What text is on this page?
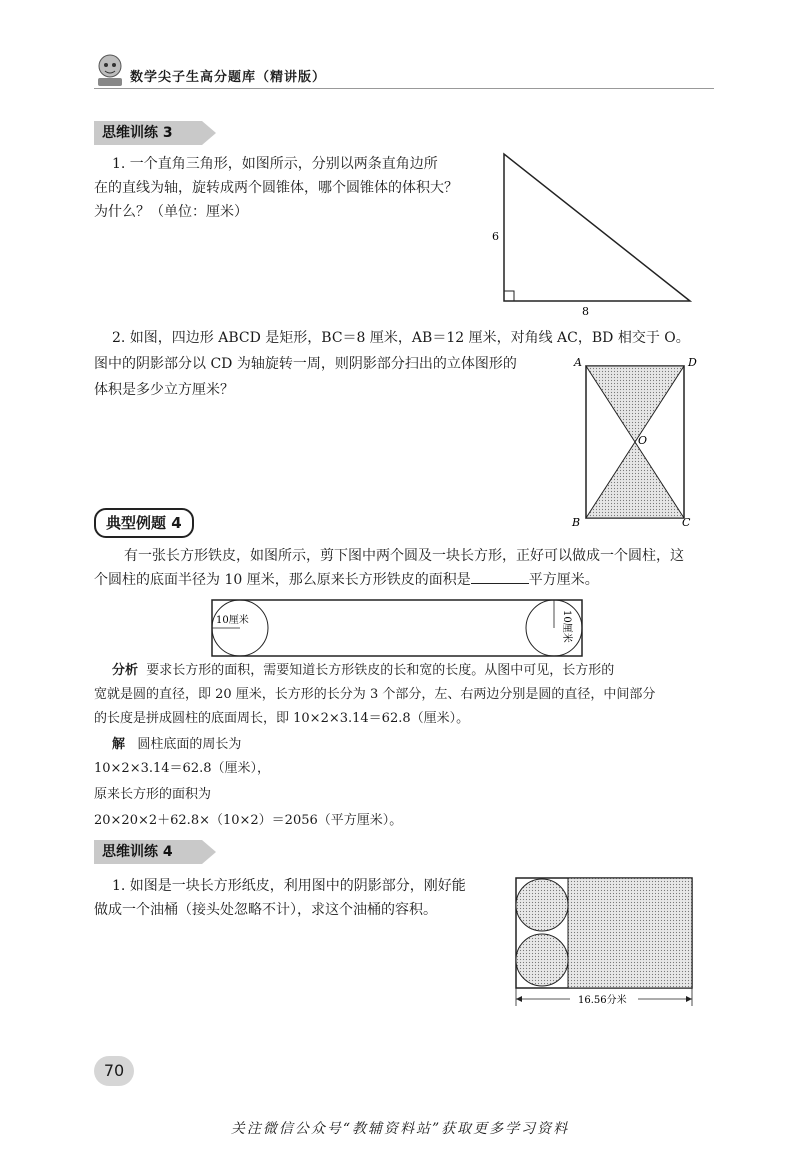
数学尖子生高分题库（精讲版）
思维训练 3
1. 一个直角三角形，如图所示，分别以两条直角边所
在的直线为轴，旋转成两个圆锥体，哪个圆锥体的体积大？
为什么？（单位：厘米）
6
8
2. 如图，四边形 ABCD 是矩形，BC＝8 厘米，AB＝12 厘米，对角线 AC，BD 相交于 O。
图中的阴影部分以 CD 为轴旋转一周，则阴影部分扫出的立体图形的
体积是多少立方厘米？
A	D
B	C
O
典型例题 4
有一张长方形铁皮，如图所示，剪下图中两个圆及一块长方形，正好可以做成一个圆柱，这
个圆柱的底面半径为 10 厘米，那么原来长方形铁皮的面积是	平方厘米。
10厘米	10厘米
分析 要求长方形的面积，需要知道长方形铁皮的长和宽的长度。从图中可见，长方形的
宽就是圆的直径，即 20 厘米，长方形的长分为 3 个部分，左、右两边分别是圆的直径，中间部分
的长度是拼成圆柱的底面周长，即 10×2×3.14＝62.8（厘米）。
解 圆柱底面的周长为
10×2×3.14＝62.8（厘米），
原来长方形的面积为
20×20×2＋62.8×（10×2）＝2056（平方厘米）。
思维训练 4
1. 如图是一块长方形纸皮，利用图中的阴影部分，刚好能
做成一个油桶（接头处忽略不计），求这个油桶的容积。
16.56分米
70
关注微信公众号“教辅资料站”获取更多学习资料
